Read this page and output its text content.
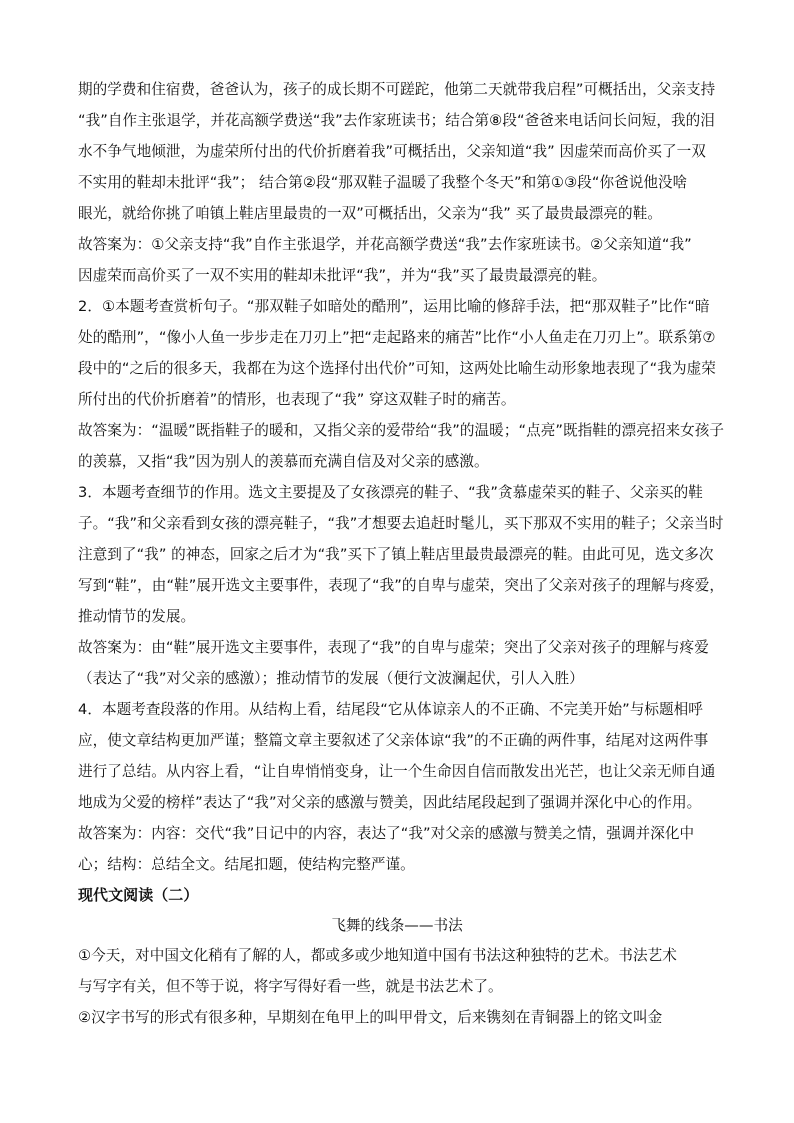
期的学费和住宿费，爸爸认为，孩子的成长期不可蹉跎，他第二天就带我启程”可概括出，父亲支持
“我”自作主张退学，并花高额学费送“我”去作家班读书；结合第⑧段“爸爸来电话问长问短，我的泪
水不争气地倾泄，为虚荣所付出的代价折磨着我”可概括出，父亲知道“我” 因虚荣而高价买了一双
不实用的鞋却未批评“我”； 结合第②段“那双鞋子温暖了我整个冬天”和第①③段“你爸说他没啥
眼光，就给你挑了咱镇上鞋店里最贵的一双”可概括出，父亲为“我” 买了最贵最漂亮的鞋。
故答案为：①父亲支持“我”自作主张退学，并花高额学费送“我”去作家班读书。②父亲知道“我”
因虚荣而高价买了一双不实用的鞋却未批评“我”，并为“我”买了最贵最漂亮的鞋。
2．①本题考查赏析句子。“那双鞋子如暗处的酷刑”，运用比喻的修辞手法，把“那双鞋子”比作“暗
处的酷刑”，“像小人鱼一步步走在刀刃上”把“走起路来的痛苦”比作“小人鱼走在刀刃上”。联系第⑦
段中的“之后的很多天，我都在为这个选择付出代价”可知，这两处比喻生动形象地表现了“我为虚荣
所付出的代价折磨着”的情形，也表现了“我” 穿这双鞋子时的痛苦。
故答案为：“温暖”既指鞋子的暖和，又指父亲的爱带给“我”的温暖；“点亮”既指鞋的漂亮招来女孩子
的羡慕，又指“我”因为别人的羡慕而充满自信及对父亲的感激。
3．本题考查细节的作用。选文主要提及了女孩漂亮的鞋子、“我”贪慕虚荣买的鞋子、父亲买的鞋
子。“我”和父亲看到女孩的漂亮鞋子，“我”才想要去追赶时髦儿，买下那双不实用的鞋子；父亲当时
注意到了“我” 的神态，回家之后才为“我”买下了镇上鞋店里最贵最漂亮的鞋。由此可见，选文多次
写到“鞋”，由“鞋”展开选文主要事件，表现了“我”的自卑与虚荣，突出了父亲对孩子的理解与疼爱，
推动情节的发展。
故答案为：由“鞋”展开选文主要事件，表现了“我”的自卑与虚荣；突出了父亲对孩子的理解与疼爱
（表达了“我”对父亲的感激）；推动情节的发展（便行文波澜起伏，引人入胜）
4．本题考查段落的作用。从结构上看，结尾段“它从体谅亲人的不正确、不完美开始”与标题相呼
应，使文章结构更加严谨；整篇文章主要叙述了父亲体谅“我”的不正确的两件事，结尾对这两件事
进行了总结。从内容上看，“让自卑悄悄变身，让一个生命因自信而散发出光芒，也让父亲无师自通
地成为父爱的榜样”表达了“我”对父亲的感激与赞美，因此结尾段起到了强调并深化中心的作用。
故答案为：内容：交代“我”日记中的内容，表达了“我”对父亲的感激与赞美之情，强调并深化中
心；结构：总结全文。结尾扣题，使结构完整严谨。
现代文阅读（二）
飞舞的线条——书法
①今天，对中国文化稍有了解的人，都或多或少地知道中国有书法这种独特的艺术。书法艺术
与写字有关，但不等于说，将字写得好看一些，就是书法艺术了。
②汉字书写的形式有很多种，早期刻在龟甲上的叫甲骨文，后来镌刻在青铜器上的铭文叫金
